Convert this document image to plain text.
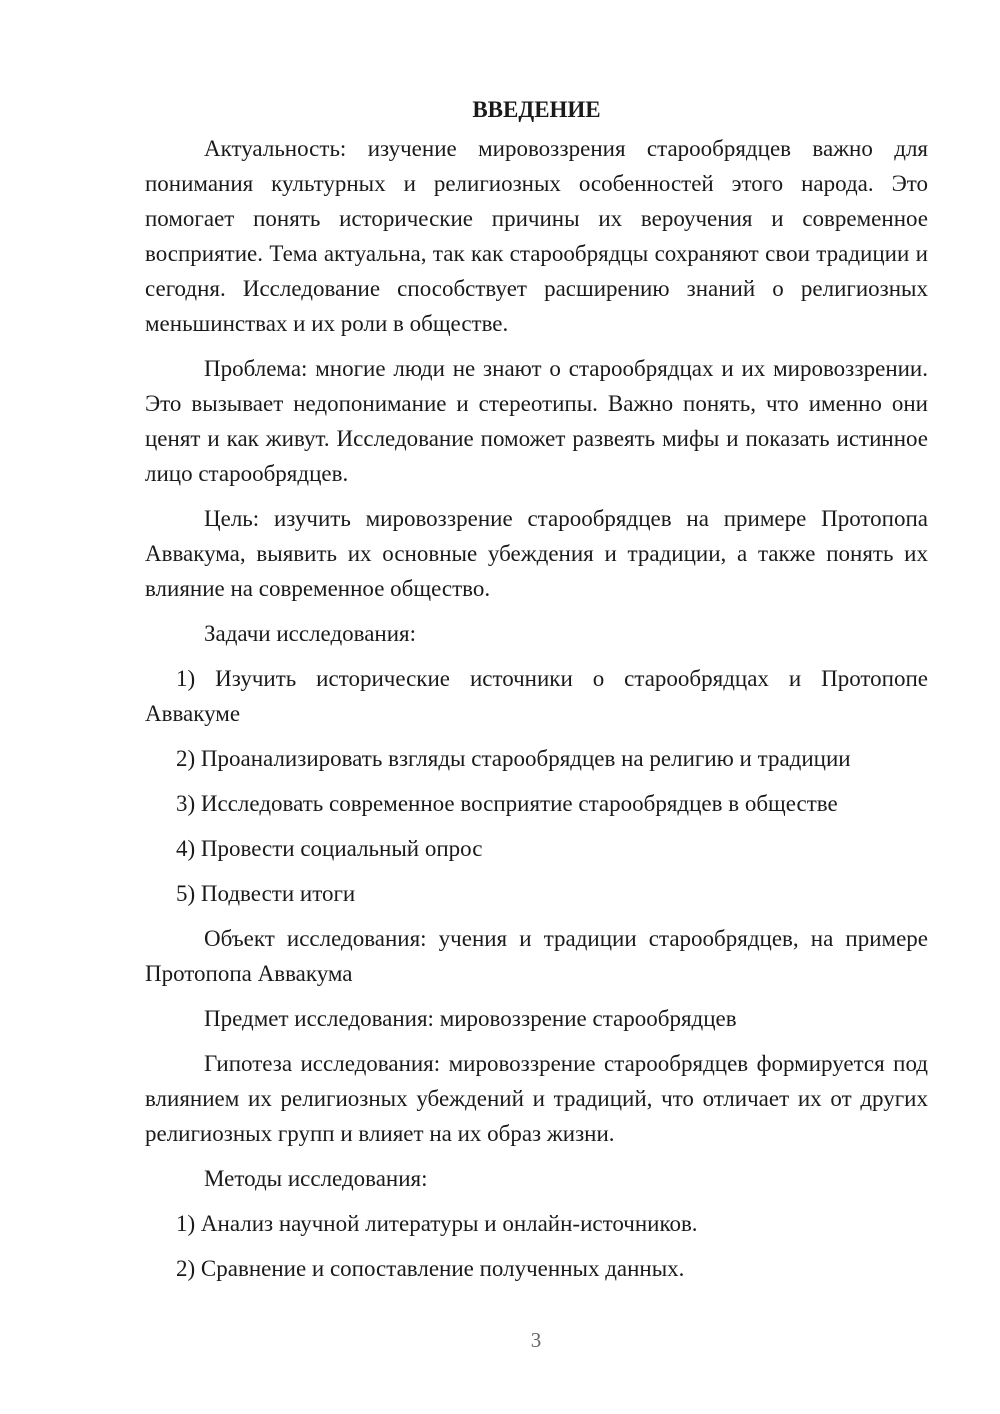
ВВЕДЕНИЕ

Актуальность: изучение мировоззрения старообрядцев важно для понимания культурных и религиозных особенностей этого народа. Это помогает понять исторические причины их вероучения и современное восприятие. Тема актуальна, так как старообрядцы сохраняют свои традиции и сегодня. Исследование способствует расширению знаний о религиозных меньшинствах и их роли в обществе.

Проблема: многие люди не знают о старообрядцах и их мировоззрении. Это вызывает недопонимание и стереотипы. Важно понять, что именно они ценят и как живут. Исследование поможет развеять мифы и показать истинное лицо старообрядцев.

Цель: изучить мировоззрение старообрядцев на примере Протопопа Аввакума, выявить их основные убеждения и традиции, а также понять их влияние на современное общество.

Задачи исследования:

1) Изучить исторические источники о старообрядцах и Протопопе Аввакуме

2) Проанализировать взгляды старообрядцев на религию и традиции

3) Исследовать современное восприятие старообрядцев в обществе

4) Провести социальный опрос

5) Подвести итоги

Объект исследования: учения и традиции старообрядцев, на примере Протопопа Аввакума

Предмет исследования: мировоззрение старообрядцев

Гипотеза исследования: мировоззрение старообрядцев формируется под влиянием их религиозных убеждений и традиций, что отличает их от других религиозных групп и влияет на их образ жизни.

Методы исследования:

1) Анализ научной литературы и онлайн-источников.

2) Сравнение и сопоставление полученных данных.

3
